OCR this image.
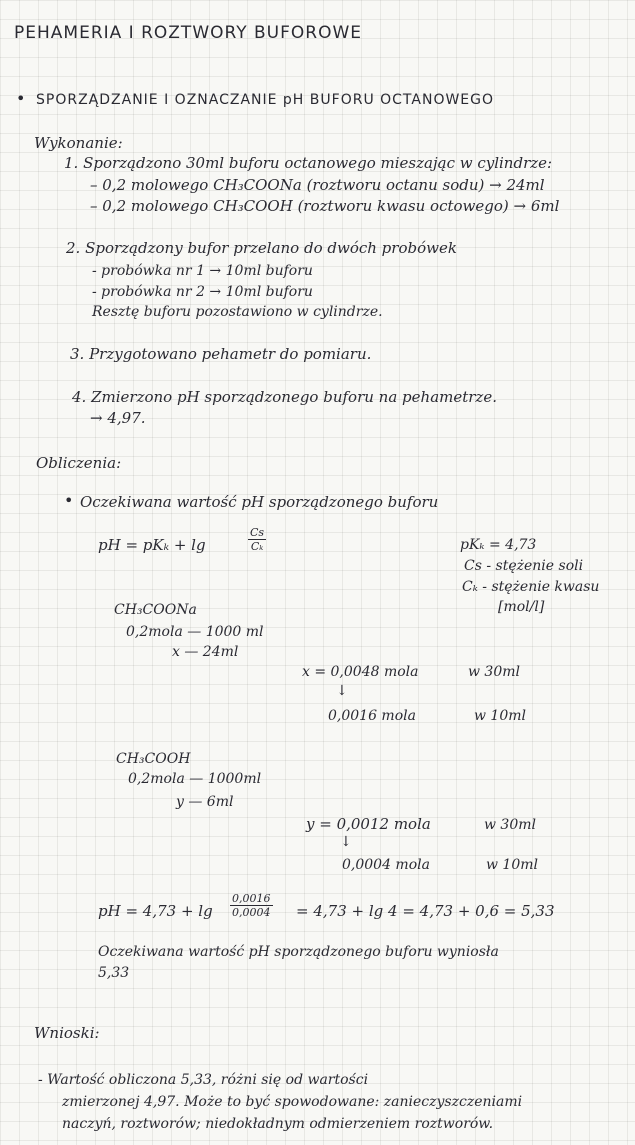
PEHAMERIA I ROZTWORY BUFOROWE
• SPORZĄDZANIE I OZNACZANIE pH BUFORU OCTANOWEGO
Wykonanie:
1. Sporządzono 30ml buforu octanowego mieszając w cylindrze:
– 0,2 molowego CH₃COONa (roztworu octanu sodu) → 24ml
– 0,2 molowego CH₃COOH (roztworu kwasu octowego) → 6ml
2. Sporządzony bufor przelano do dwóch probówek
- probówka nr 1 → 10ml buforu
- probówka nr 2 → 10ml buforu
Resztę buforu pozostawiono w cylindrze.
3. Przygotowano pehametr do pomiaru.
4. Zmierzono pH sporządzonego buforu na pehametrze.
→ 4,97.
Obliczenia:
• Oczekiwana wartość pH sporządzonego buforu
pH = pKₖ + lg	$\frac{Cs}{\text{Cₖ}}$	pKₖ = 4,73
Cs - stężenie soli
Cₖ - stężenie kwasu
[mol/l]
CH₃COONa
0,2mola — 1000 ml
x — 24ml
x = 0,0048 mola	w 30ml
↓
0,0016 mola	w 10ml
CH₃COOH
0,2mola — 1000ml
y — 6ml
y = 0,0012 mola	w 30ml
↓
0,0004 mola	w 10ml
pH = $4,73 + \lg \frac{0,0016}{0,0004} = 4,73 + \lg 4 = 4,73 + 0,6 = 5,33$
Oczekiwana wartość pH sporządzonego buforu wyniosła
5,33
Wnioski:
- Wartość obliczona 5,33, różni się od wartości
zmierzonej 4,97. Może to być spowodowane: zanieczyszczeniami
naczyń, roztworów; niedokładnym odmierzeniem roztworów.
